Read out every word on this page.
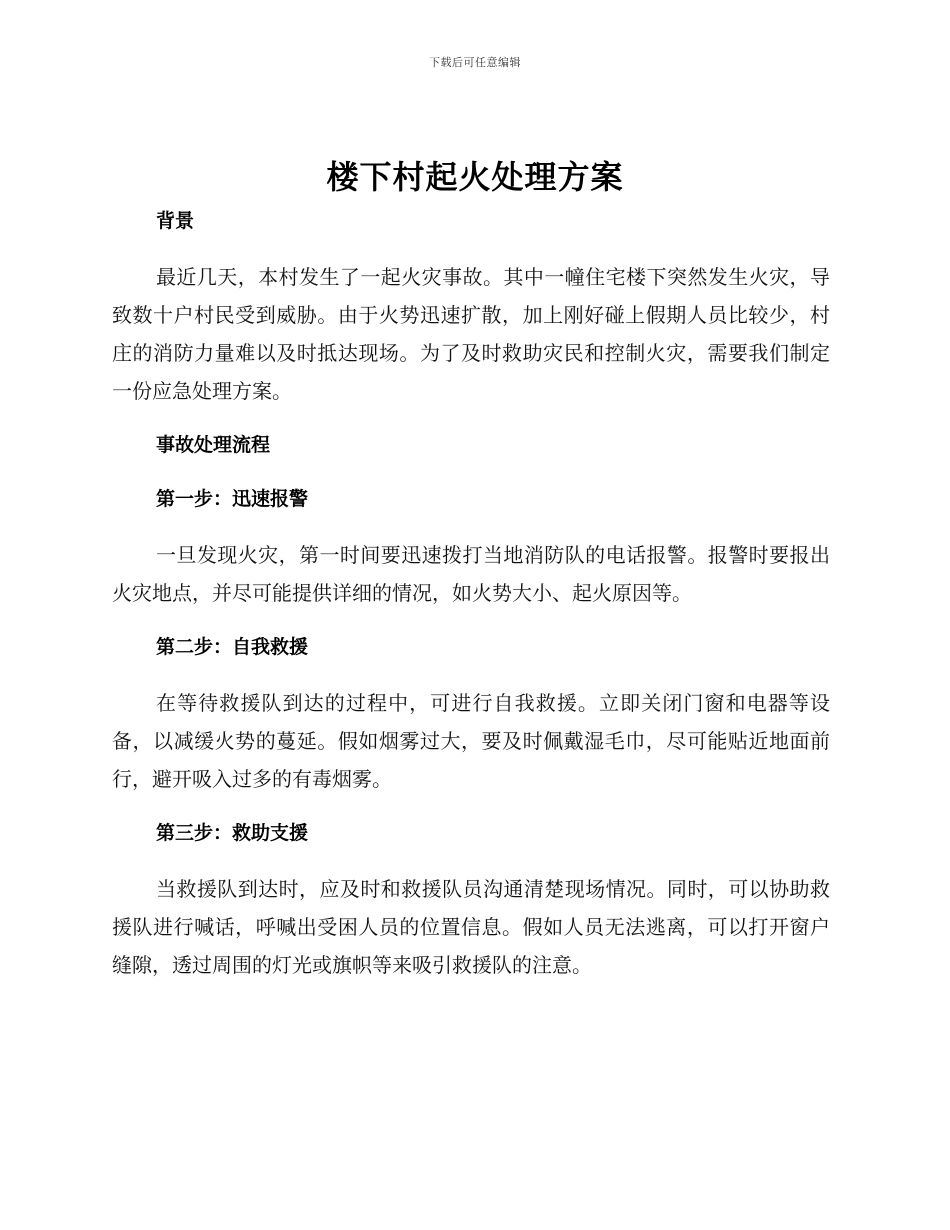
下载后可任意编辑
楼下村起火处理方案
背景

最近几天，本村发生了一起火灾事故。其中一幢住宅楼下突然发生火灾，导致数十户村民受到威胁。由于火势迅速扩散，加上刚好碰上假期人员比较少，村庄的消防力量难以及时抵达现场。为了及时救助灾民和控制火灾，需要我们制定一份应急处理方案。

事故处理流程
第一步：迅速报警

一旦发现火灾，第一时间要迅速拨打当地消防队的电话报警。报警时要报出火灾地点，并尽可能提供详细的情况，如火势大小、起火原因等。

第二步：自我救援

在等待救援队到达的过程中，可进行自我救援。立即关闭门窗和电器等设备，以减缓火势的蔓延。假如烟雾过大，要及时佩戴湿毛巾，尽可能贴近地面前行，避开吸入过多的有毒烟雾。

第三步：救助支援

当救援队到达时，应及时和救援队员沟通清楚现场情况。同时，可以协助救援队进行喊话，呼喊出受困人员的位置信息。假如人员无法逃离，可以打开窗户缝隙，透过周围的灯光或旗帜等来吸引救援队的注意。
